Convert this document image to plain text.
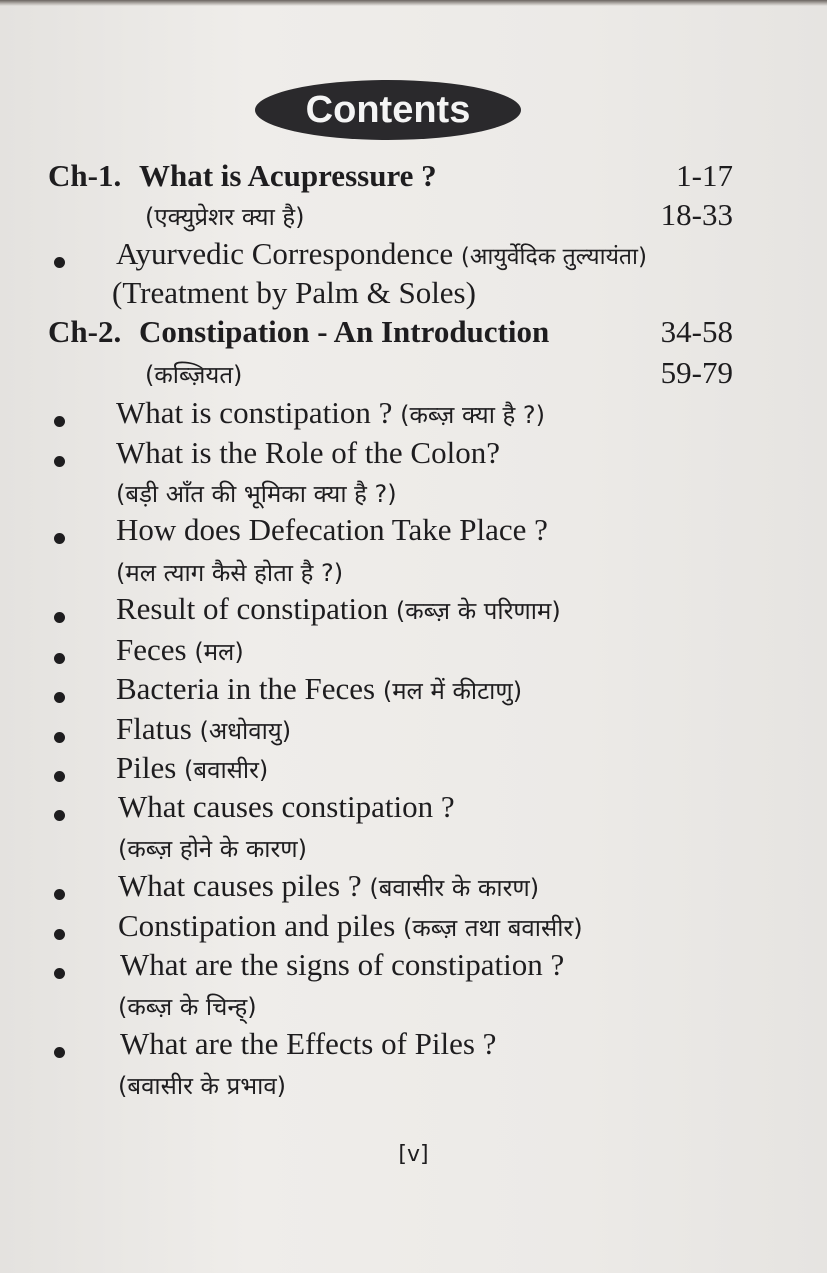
Contents
Ch-1. What is Acupressure ?	1-17
(एक्युप्रेशर क्या है)	18-33
Ayurvedic Correspondence (आयुर्वेदिक तुल्यायंता)
(Treatment by Palm & Soles)
Ch-2. Constipation - An Introduction	34-58
(कब्ज़ियत)	59-79
What is constipation ? (कब्ज़ क्या है ?)
What is the Role of the Colon?
(बड़ी आँत की भूमिका क्या है ?)
How does Defecation Take Place ?
(मल त्याग कैसे होता है ?)
Result of constipation (कब्ज़ के परिणाम)
Feces (मल)
Bacteria in the Feces (मल में कीटाणु)
Flatus (अधोवायु)
Piles (बवासीर)
What causes constipation ?
(कब्ज़ होने के कारण)
What causes piles ? (बवासीर के कारण)
Constipation and piles (कब्ज़ तथा बवासीर)
What are the signs of constipation ?
(कब्ज़ के चिन्ह्)
What are the Effects of Piles ?
(बवासीर के प्रभाव)
[v]
